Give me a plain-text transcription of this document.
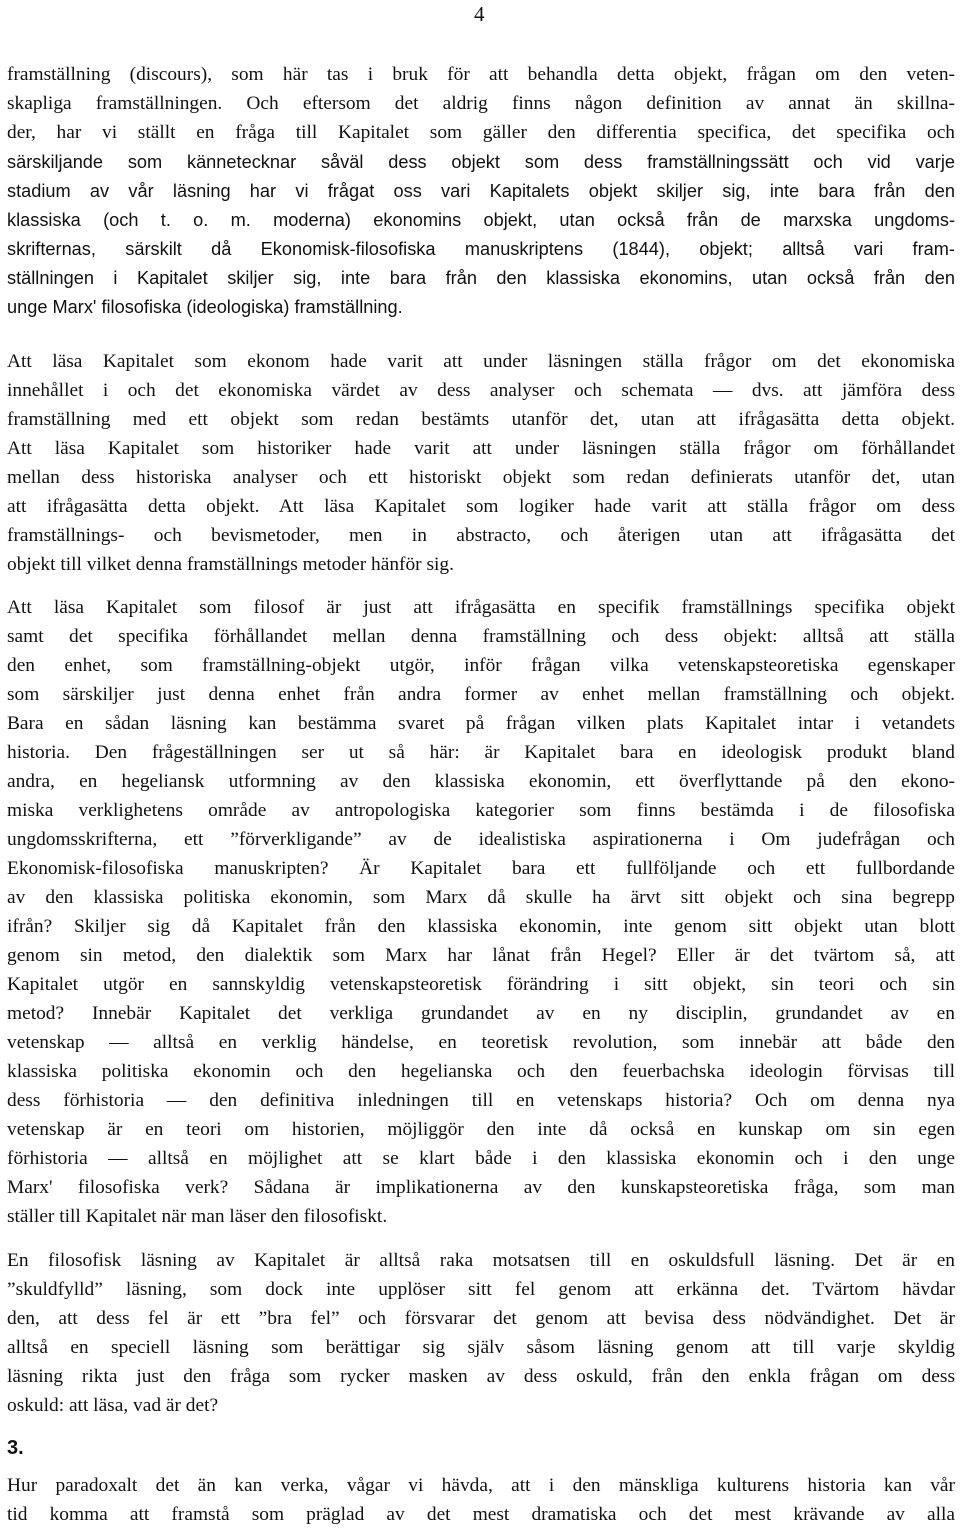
4
framställning (discours), som här tas i bruk för att behandla detta objekt, frågan om den veten-
skapliga framställningen. Och eftersom det aldrig finns någon definition av annat än skillna-
der, har vi ställt en fråga till Kapitalet som gäller den differentia specifica, det specifika och
särskiljande som kännetecknar såväl dess objekt som dess framställningssätt och vid varje
stadium av vår läsning har vi frågat oss vari Kapitalets objekt skiljer sig, inte bara från den
klassiska (och t. o. m. moderna) ekonomins objekt, utan också från de marxska ungdoms-
skrifternas, särskilt då Ekonomisk-filosofiska manuskriptens (1844), objekt; alltså vari fram-
ställningen i Kapitalet skiljer sig, inte bara från den klassiska ekonomins, utan också från den
unge Marx' filosofiska (ideologiska) framställning.
Att läsa Kapitalet som ekonom hade varit att under läsningen ställa frågor om det ekonomiska
innehållet i och det ekonomiska värdet av dess analyser och schemata ― dvs. att jämföra dess
framställning med ett objekt som redan bestämts utanför det, utan att ifrågasätta detta objekt.
Att läsa Kapitalet som historiker hade varit att under läsningen ställa frågor om förhållandet
mellan dess historiska analyser och ett historiskt objekt som redan definierats utanför det, utan
att ifrågasätta detta objekt. Att läsa Kapitalet som logiker hade varit att ställa frågor om dess
framställnings- och bevismetoder, men in abstracto, och återigen utan att ifrågasätta det
objekt till vilket denna framställnings metoder hänför sig.
Att läsa Kapitalet som filosof är just att ifrågasätta en specifik framställnings specifika objekt
samt det specifika förhållandet mellan denna framställning och dess objekt: alltså att ställa
den enhet, som framställning-objekt utgör, inför frågan vilka vetenskapsteoretiska egenskaper
som särskiljer just denna enhet från andra former av enhet mellan framställning och objekt.
Bara en sådan läsning kan bestämma svaret på frågan vilken plats Kapitalet intar i vetandets
historia. Den frågeställningen ser ut så här: är Kapitalet bara en ideologisk produkt bland
andra, en hegeliansk utformning av den klassiska ekonomin, ett överflyttande på den ekono-
miska verklighetens område av antropologiska kategorier som finns bestämda i de filosofiska
ungdomsskrifterna, ett ”förverkligande” av de idealistiska aspirationerna i Om judefrågan och
Ekonomisk-filosofiska manuskripten? Är Kapitalet bara ett fullföljande och ett fullbordande
av den klassiska politiska ekonomin, som Marx då skulle ha ärvt sitt objekt och sina begrepp
ifrån? Skiljer sig då Kapitalet från den klassiska ekonomin, inte genom sitt objekt utan blott
genom sin metod, den dialektik som Marx har lånat från Hegel? Eller är det tvärtom så, att
Kapitalet utgör en sannskyldig vetenskapsteoretisk förändring i sitt objekt, sin teori och sin
metod? Innebär Kapitalet det verkliga grundandet av en ny disciplin, grundandet av en
vetenskap ― alltså en verklig händelse, en teoretisk revolution, som innebär att både den
klassiska politiska ekonomin och den hegelianska och den feuerbachska ideologin förvisas till
dess förhistoria ― den definitiva inledningen till en vetenskaps historia? Och om denna nya
vetenskap är en teori om historien, möjliggör den inte då också en kunskap om sin egen
förhistoria ― alltså en möjlighet att se klart både i den klassiska ekonomin och i den unge
Marx' filosofiska verk? Sådana är implikationerna av den kunskapsteoretiska fråga, som man
ställer till Kapitalet när man läser den filosofiskt.
En filosofisk läsning av Kapitalet är alltså raka motsatsen till en oskuldsfull läsning. Det är en
”skuldfylld” läsning, som dock inte upplöser sitt fel genom att erkänna det. Tvärtom hävdar
den, att dess fel är ett ”bra fel” och försvarar det genom att bevisa dess nödvändighet. Det är
alltså en speciell läsning som berättigar sig själv såsom läsning genom att till varje skyldig
läsning rikta just den fråga som rycker masken av dess oskuld, från den enkla frågan om dess
oskuld: att läsa, vad är det?
3.
Hur paradoxalt det än kan verka, vågar vi hävda, att i den mänskliga kulturens historia kan vår
tid komma att framstå som präglad av det mest dramatiska och det mest krävande av alla
